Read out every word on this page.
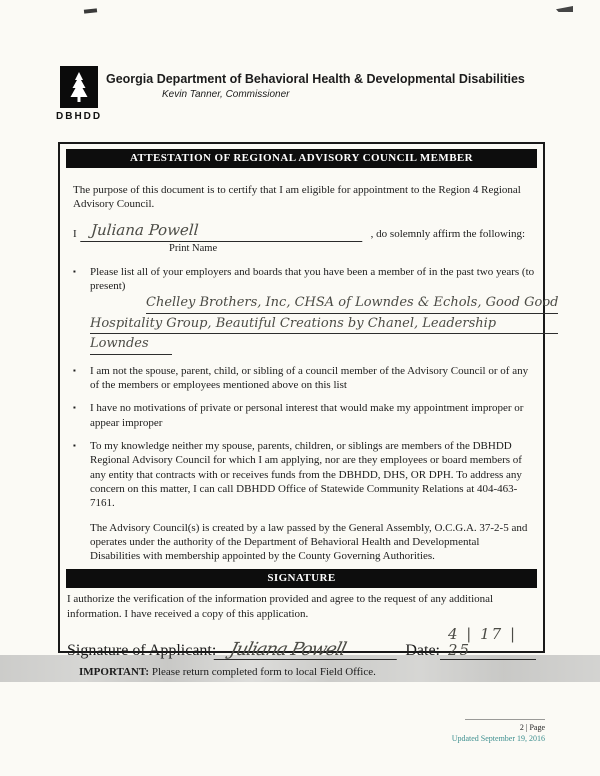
DBHDD
Georgia Department of Behavioral Health & Developmental Disabilities
Kevin Tanner, Commissioner
ATTESTATION OF REGIONAL ADVISORY COUNCIL MEMBER

The purpose of this document is to certify that I am eligible for appointment to the Region 4 Regional Advisory Council.

I Juliana Powell	, do solemnly affirm the following:
Print Name
▪	Please list all of your employers and boards that you have been a member of in the past two years (to present)
Chelley Brothers, Inc, CHSA of Lowndes & Echols, Good Good
Hospitality Group, Beautiful Creations by Chanel, Leadership
Lowndes
▪	I am not the spouse, parent, child, or sibling of a council member of the Advisory Council or of any of the members or employees mentioned above on this list
▪	I have no motivations of private or personal interest that would make my appointment improper or appear improper
▪	To my knowledge neither my spouse, parents, children, or siblings are members of the DBHDD Regional Advisory Council for which I am applying, nor are they employees or board members of any entity that contracts with or receives funds from the DBHDD, DHS, OR DPH. To address any concern on this matter, I can call DBHDD Office of Statewide Community Relations at 404-463-7161.

The Advisory Council(s) is created by a law passed by the General Assembly, O.C.G.A. 37-2-5 and operates under the authority of the Department of Behavioral Health and Developmental Disabilities with membership appointed by the County Governing Authorities.

SIGNATURE

I authorize the verification of the information provided and agree to the request of any additional information. I have received a copy of this application.

Signature of Applicant: Juliana Powell	Date:
4 | 17 | 25
IMPORTANT: Please return completed form to local Field Office.
2 | Page
Updated September 19, 2016
